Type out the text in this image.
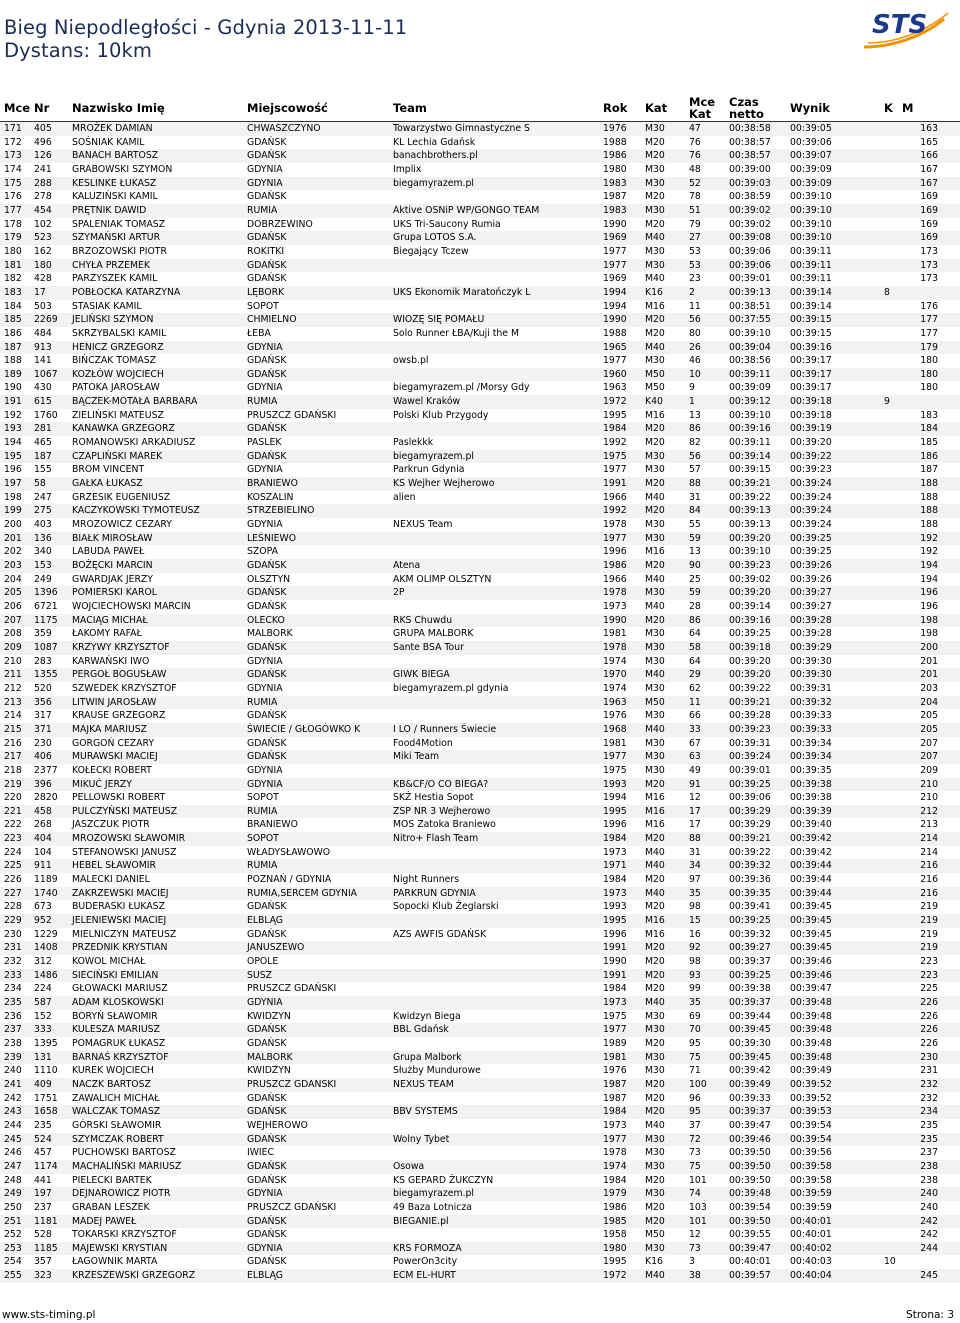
Bieg Niepodległości - Gdynia 2013-11-11
Dystans: 10km
STS
Mce	Nr	Nazwisko Imię	Miejscowość	Team	Rok	Kat	Mce Kat	Czas netto	Wynik	K	M
171	405	MROŻEK DAMIAN	CHWASZCZYNO	Towarzystwo Gimnastyczne S	1976	M30	47	00:38:58	00:39:05		163
172	496	SOŚNIAK KAMIL	GDAŃSK	KL Lechia Gdańsk	1988	M20	76	00:38:57	00:39:06		165
173	126	BANACH BARTOSZ	GDAŃSK	banachbrothers.pl	1986	M20	76	00:38:57	00:39:07		166
174	241	GRABOWSKI SZYMON	GDYNIA	Implix	1980	M30	48	00:39:00	00:39:09		167
175	288	KESLINKE ŁUKASZ	GDYNIA	biegamyrazem.pl	1983	M30	52	00:39:03	00:39:09		167
176	278	KALUZIŃSKI KAMIL	GDAŃSK		1987	M20	78	00:38:59	00:39:10		169
177	454	PRĘTNIK DAWID	RUMIA	Aktive OSNiP WP/GONGO TEAM	1983	M30	51	00:39:02	00:39:10		169
178	102	SPALENIAK TOMASZ	DOBRZEWINO	UKS Tri-Saucony Rumia	1990	M20	79	00:39:02	00:39:10		169
179	523	SZYMAŃSKI ARTUR	GDAŃSK	Grupa LOTOS S.A.	1969	M40	27	00:39:08	00:39:10		169
180	162	BRZOZOWSKI PIOTR	ROKITKI	Biegający Tczew	1977	M30	53	00:39:06	00:39:11		173
181	180	CHYŁA PRZEMEK	GDAŃSK		1977	M30	53	00:39:06	00:39:11		173
182	428	PARZYSZEK KAMIL	GDAŃSK		1969	M40	23	00:39:01	00:39:11		173
183	17	POBŁOCKA KATARZYNA	LĘBORK	UKS Ekonomik Maratończyk L	1994	K16	2	00:39:13	00:39:14	8	
184	503	STASIAK KAMIL	SOPOT		1994	M16	11	00:38:51	00:39:14		176
185	2269	JELIŃSKI SZYMON	CHMIELNO	WIOZĘ SIĘ POMAŁU	1990	M20	56	00:37:55	00:39:15		177
186	484	SKRZYBALSKI KAMIL	ŁEBA	Solo Runner ŁBA/Kuji the M	1988	M20	80	00:39:10	00:39:15		177
187	913	HENICZ GRZEGORZ	GDYNIA		1965	M40	26	00:39:04	00:39:16		179
188	141	BIŃCZAK TOMASZ	GDAŃSK	owsb.pl	1977	M30	46	00:38:56	00:39:17		180
189	1067	KOZŁÓW WOJCIECH	GDAŃSK		1960	M50	10	00:39:11	00:39:17		180
190	430	PATOKA JAROSŁAW	GDYNIA	biegamyrazem.pl /Morsy Gdy	1963	M50	9	00:39:09	00:39:17		180
191	615	BĄCZEK-MOTAŁA BARBARA	RUMIA	Wawel Kraków	1972	K40	1	00:39:12	00:39:18	9	
192	1760	ZIELIŃSKI MATEUSZ	PRUSZCZ GDAŃSKI	Polski Klub Przygody	1995	M16	13	00:39:10	00:39:18		183
193	281	KANAWKA GRZEGORZ	GDAŃSK		1984	M20	86	00:39:16	00:39:19		184
194	465	ROMANOWSKI ARKADIUSZ	PASLEK	Paslekkk	1992	M20	82	00:39:11	00:39:20		185
195	187	CZAPLIŃSKI MAREK	GDAŃSK	biegamyrazem.pl	1975	M30	56	00:39:14	00:39:22		186
196	155	BROM VINCENT	GDYNIA	Parkrun Gdynia	1977	M30	57	00:39:15	00:39:23		187
197	58	GAŁKA ŁUKASZ	BRANIEWO	KS Wejher Wejherowo	1991	M20	88	00:39:21	00:39:24		188
198	247	GRZESIK EUGENIUSZ	KOSZALIN	alien	1966	M40	31	00:39:22	00:39:24		188
199	275	KACZYKOWSKI TYMOTEUSZ	STRZEBIELINO		1992	M20	84	00:39:13	00:39:24		188
200	403	MROZOWICZ CEZARY	GDYNIA	NEXUS Team	1978	M30	55	00:39:13	00:39:24		188
201	136	BIAŁK MIROSŁAW	LEŚNIEWO		1977	M30	59	00:39:20	00:39:25		192
202	340	LABUDA PAWEŁ	SZOPA		1996	M16	13	00:39:10	00:39:25		192
203	153	BOŻĘCKI MARCIN	GDAŃSK	Atena	1986	M20	90	00:39:23	00:39:26		194
204	249	GWARDJAK JERZY	OLSZTYN	AKM OLIMP OLSZTYN	1966	M40	25	00:39:02	00:39:26		194
205	1396	POMIERSKI KAROL	GDAŃSK	2P	1978	M30	59	00:39:20	00:39:27		196
206	6721	WOJCIECHOWSKI MARCIN	GDAŃSK		1973	M40	28	00:39:14	00:39:27		196
207	1175	MACIĄG MICHAŁ	OLECKO	RKS Chuwdu	1990	M20	86	00:39:16	00:39:28		198
208	359	ŁAKOMY RAFAŁ	MALBORK	GRUPA MALBORK	1981	M30	64	00:39:25	00:39:28		198
209	1087	KRZYWY KRZYSZTOF	GDAŃSK	Sante BSA Tour	1978	M30	58	00:39:18	00:39:29		200
210	283	KARWAŃSKI IWO	GDYNIA		1974	M30	64	00:39:20	00:39:30		201
211	1355	PERGOŁ BOGUSŁAW	GDAŃSK	GIWK BIEGA	1970	M40	29	00:39:20	00:39:30		201
212	520	SZWEDEK KRZYSZTOF	GDYNIA	biegamyrazem.pl gdynia	1974	M30	62	00:39:22	00:39:31		203
213	356	LITWIN JAROSŁAW	RUMIA		1963	M50	11	00:39:21	00:39:32		204
214	317	KRAUSE GRZEGORZ	GDAŃSK		1976	M30	66	00:39:28	00:39:33		205
215	371	MAJKA MARIUSZ	ŚWIECIE / GŁOGÓWKO K	I LO / Runners Świecie	1968	M40	33	00:39:23	00:39:33		205
216	230	GORGOŃ CEZARY	GDAŃSK	Food4Motion	1981	M30	67	00:39:31	00:39:34		207
217	406	MURAWSKI MACIEJ	GDAŃSK	Miki Team	1977	M30	63	00:39:24	00:39:34		207
218	2377	KOŁECKI ROBERT	GDYNIA		1975	M30	49	00:39:01	00:39:35		209
219	396	MIKUĆ JERZY	GDYNIA	KB&CF/O CO BIEGA?	1993	M20	91	00:39:25	00:39:38		210
220	2820	PELLOWSKI ROBERT	SOPOT	SKŻ Hestia Sopot	1994	M16	12	00:39:06	00:39:38		210
221	458	PULCZYŃSKI MATEUSZ	RUMIA	ZSP NR 3 Wejherowo	1995	M16	17	00:39:29	00:39:39		212
222	268	JASZCZUK PIOTR	BRANIEWO	MOS Zatoka Braniewo	1996	M16	17	00:39:29	00:39:40		213
223	404	MROZOWSKI SŁAWOMIR	SOPOT	Nitro+ Flash Team	1984	M20	88	00:39:21	00:39:42		214
224	104	STEFANOWSKI JANUSZ	WŁADYSŁAWOWO		1973	M40	31	00:39:22	00:39:42		214
225	911	HEBEL SŁAWOMIR	RUMIA		1971	M40	34	00:39:32	00:39:44		216
226	1189	MALECKI DANIEL	POZNAŃ / GDYNIA	Night Runners	1984	M20	97	00:39:36	00:39:44		216
227	1740	ZAKRZEWSKI MACIEJ	RUMIA,SERCEM GDYNIA	PARKRUN GDYNIA	1973	M40	35	00:39:35	00:39:44		216
228	673	BUDERASKI ŁUKASZ	GDAŃSK	Sopocki Klub Żeglarski	1993	M20	98	00:39:41	00:39:45		219
229	952	JELENIEWSKI MACIEJ	ELBLĄG		1995	M16	15	00:39:25	00:39:45		219
230	1229	MIELNICZYN MATEUSZ	GDAŃSK	AZS AWFIS GDAŃSK	1996	M16	16	00:39:32	00:39:45		219
231	1408	PRZEDNIK KRYSTIAN	JANUSZEWO		1991	M20	92	00:39:27	00:39:45		219
232	312	KOWOL MICHAŁ	OPOLE		1990	M20	98	00:39:37	00:39:46		223
233	1486	SIECIŃSKI EMILIAN	SUSZ		1991	M20	93	00:39:25	00:39:46		223
234	224	GŁOWACKI MARIUSZ	PRUSZCZ GDAŃSKI		1984	M20	99	00:39:38	00:39:47		225
235	587	ADAM KLOSKOWSKI	GDYNIA		1973	M40	35	00:39:37	00:39:48		226
236	152	BORYŃ SŁAWOMIR	KWIDZYN	Kwidzyn Biega	1975	M30	69	00:39:44	00:39:48		226
237	333	KULESZA MARIUSZ	GDAŃSK	BBL Gdańsk	1977	M30	70	00:39:45	00:39:48		226
238	1395	POMAGRUK ŁUKASZ	GDAŃSK		1989	M20	95	00:39:30	00:39:48		226
239	131	BARNAŚ KRZYSZTOF	MALBORK	Grupa Malbork	1981	M30	75	00:39:45	00:39:48		230
240	1110	KUREK WOJCIECH	KWIDZYN	Służby Mundurowe	1976	M30	71	00:39:42	00:39:49		231
241	409	NACZK BARTOSZ	PRUSZCZ GDANSKI	NEXUS TEAM	1987	M20	100	00:39:49	00:39:52		232
242	1751	ZAWALICH MICHAŁ	GDAŃSK		1987	M20	96	00:39:33	00:39:52		232
243	1658	WALCZAK TOMASZ	GDAŃSK	BBV SYSTEMS	1984	M20	95	00:39:37	00:39:53		234
244	235	GÓRSKI SŁAWOMIR	WEJHEROWO		1973	M40	37	00:39:47	00:39:54		235
245	524	SZYMCZAK ROBERT	GDAŃSK	Wolny Tybet	1977	M30	72	00:39:46	00:39:54		235
246	457	PUCHOWSKI BARTOSZ	IWIEC		1978	M30	73	00:39:50	00:39:56		237
247	1174	MACHALIŃSKI MARIUSZ	GDAŃSK	Osowa	1974	M30	75	00:39:50	00:39:58		238
248	441	PIELECKI BARTEK	GDAŃSK	KS GEPARD ŻUKCZYN	1984	M20	101	00:39:50	00:39:58		238
249	197	DEJNAROWICZ PIOTR	GDYNIA	biegamyrazem.pl	1979	M30	74	00:39:48	00:39:59		240
250	237	GRABAN LESZEK	PRUSZCZ GDAŃSKI	49 Baza Lotnicza	1986	M20	103	00:39:54	00:39:59		240
251	1181	MADEJ PAWEŁ	GDAŃSK	BIEGANIE.pl	1985	M20	101	00:39:50	00:40:01		242
252	528	TOKARSKI KRZYSZTOF	GDAŃSK		1958	M50	12	00:39:55	00:40:01		242
253	1185	MAJEWSKI KRYSTIAN	GDYNIA	KRS FORMOZA	1980	M30	73	00:39:47	00:40:02		244
254	357	ŁAGOWNIK MARTA	GDAŃSK	PowerOn3city	1995	K16	3	00:40:01	00:40:03	10	
255	323	KRZESZEWSKI GRZEGORZ	ELBLĄG	ECM EL-HURT	1972	M40	38	00:39:57	00:40:04		245
www.sts-timing.pl	Strona: 3
